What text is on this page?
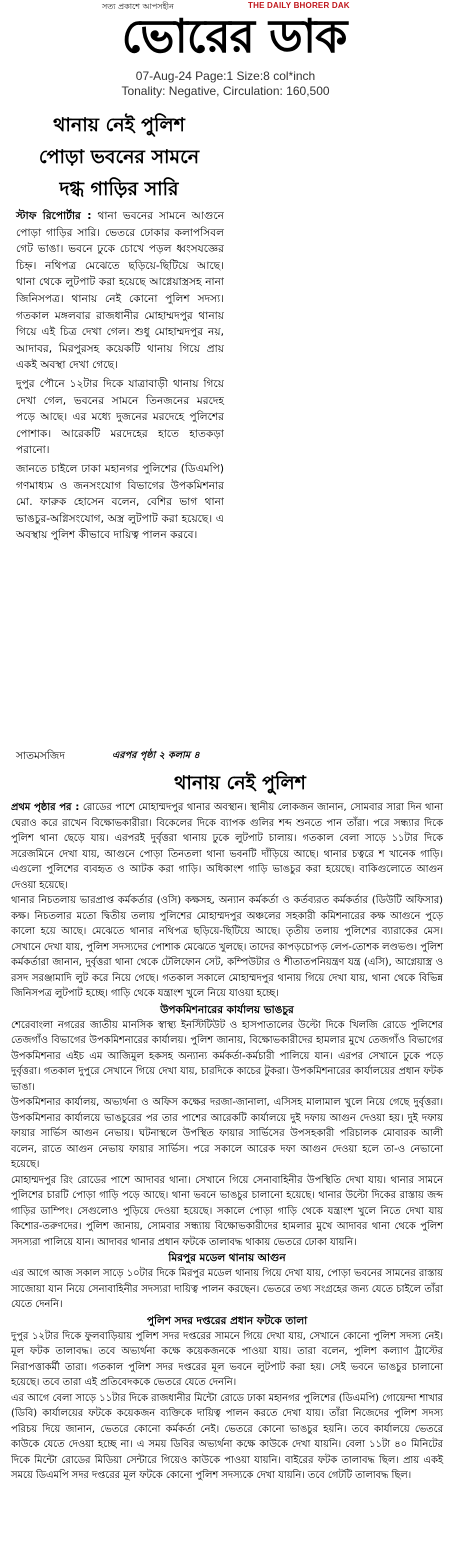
সত্য প্রকাশে আপসহীন	THE DAILY BHORER DAK
ভোরের ডাক
07-Aug-24 Page:1 Size:8 col*inch
Tonality: Negative, Circulation: 160,500
থানায় নেই পুলিশ
পোড়া ভবনের সামনে
দগ্ধ গাড়ির সারি

স্টাফ রিপোর্টার : থানা ভবনের সামনে আগুনে পোড়া গাড়ির সারি। ভেতরে ঢোকার কলাপসিবল গেট ভাঙা। ভবনে ঢুকে চোখে পড়ল ধ্বংসযজ্ঞের চিহ্ন। নথিপত্র মেঝেতে ছড়িয়ে-ছিটিয়ে আছে। থানা থেকে লুটপাট করা হয়েছে আগ্নেয়াস্ত্রসহ নানা জিনিসপত্র। থানায় নেই কোনো পুলিশ সদস্য। গতকাল মঙ্গলবার রাজধানীর মোহাম্মদপুর থানায় গিয়ে এই চিত্র দেখা গেল। শুধু মোহাম্মদপুর নয়, আদাবর, মিরপুরসহ কয়েকটি থানায় গিয়ে প্রায় একই অবস্থা দেখা গেছে।

দুপুর পৌনে ১২টার দিকে যাত্রাবাড়ী থানায় গিয়ে দেখা গেল, ভবনের সামনে তিনজনের মরদেহ পড়ে আছে। এর মধ্যে দুজনের মরদেহে পুলিশের পোশাক। আরেকটি মরদেহের হাতে হাতকড়া পরানো।

জানতে চাইলে ঢাকা মহানগর পুলিশের (ডিএমপি) গণমাধ্যম ও জনসংযোগ বিভাগের উপকমিশনার মো. ফারুক হোসেন বলেন, বেশির ভাগ থানা ভাঙচুর-অগ্নিসংযোগ, অস্ত্র লুটপাট করা হয়েছে। এ অবস্থায় পুলিশ কীভাবে দায়িত্ব পালন করবে।

সাতমসজিদ	এরপর পৃষ্ঠা ২ কলাম ৪
থানায় নেই পুলিশ

প্রথম পৃষ্ঠার পর : রোডের পাশে মোহাম্মদপুর থানার অবস্থান। স্থানীয় লোকজন জানান, সোমবার সারা দিন থানা ঘেরাও করে রাখেন বিক্ষোভকারীরা। বিকেলের দিকে ব্যাপক গুলির শব্দ শুনতে পান তাঁরা। পরে সন্ধ্যার দিকে পুলিশ থানা ছেড়ে যায়। এরপরই দুর্বৃত্তরা থানায় ঢুকে লুটপাট চালায়। গতকাল বেলা সাড়ে ১১টার দিকে সরেজমিনে দেখা যায়, আগুনে পোড়া তিনতলা থানা ভবনটি দাঁড়িয়ে আছে। থানার চত্বরে শ খানেক গাড়ি। এগুলো পুলিশের ব্যবহৃত ও আটক করা গাড়ি। অধিকাংশ গাড়ি ভাঙচুর করা হয়েছে। বাকিগুলোতে আগুন দেওয়া হয়েছে।

থানার নিচতলায় ভারপ্রাপ্ত কর্মকর্তার (ওসি) কক্ষসহ, অন্যান কর্মকর্তা ও কর্তব্যরত কর্মকর্তার (ডিউটি অফিসার) কক্ষ। নিচতলার মতো দ্বিতীয় তলায় পুলিশের মোহাম্মদপুর অঞ্চলের সহকারী কমিশনারের কক্ষ আগুনে পুড়ে কালো হয়ে আছে। মেঝেতে থানার নথিপত্র ছড়িয়ে-ছিটিয়ে আছে। তৃতীয় তলায় পুলিশের ব্যারাকের মেস। সেখানে দেখা যায়, পুলিশ সদস্যদের পোশাক মেঝেতে খুলছে। তাদের কাপড়চোপড় লেপ-তোশক লণ্ডভণ্ড। পুলিশ কর্মকর্তারা জানান, দুর্বৃত্তরা থানা থেকে টেলিফোন সেট, কম্পিউটার ও শীতাতপনিয়ন্ত্রণ যন্ত্র (এসি), আগ্নেয়াস্ত্র ও রসদ সরঞ্জামাদি লুট করে নিয়ে গেছে। গতকাল সকালে মোহাম্মদপুর থানায় গিয়ে দেখা যায়, থানা থেকে বিভিন্ন জিনিসপত্র লুটপাট হচ্ছে। গাড়ি থেকে যন্ত্রাংশ খুলে নিয়ে যাওয়া হচ্ছে।

উপকমিশনারের কার্যালয় ভাঙচুর

শেরেবাংলা নগরের জাতীয় মানসিক স্বাস্থ্য ইনস্টিটিউট ও হাসপাতালের উল্টো দিকে খিলজি রোডে পুলিশের তেজগাঁও বিভাগের উপকমিশনারের কার্যালয়। পুলিশ জানায়, বিক্ষোভকারীদের হামলার মুখে তেজগাঁও বিভাগের উপকমিশনার এইচ এম আজিমুল হকসহ অন্যান্য কর্মকর্তা-কর্মচারী পালিয়ে যান। এরপর সেখানে ঢুকে পড়ে দুর্বৃত্তরা। গতকাল দুপুরে সেখানে গিয়ে দেখা যায়, চারদিকে কাচের টুকরা। উপকমিশনারের কার্যালয়ের প্রধান ফটক ভাঙা।

উপকমিশনার কার্যালয়, অভ্যর্থনা ও অফিস কক্ষের দরজা-জানালা, এসিসহ মালামাল খুলে নিয়ে গেছে দুর্বৃত্তরা। উপকমিশনার কার্যালয়ে ভাঙচুরের পর তার পাশের আরেকটি কার্যালয়ে দুই দফায় আগুন দেওয়া হয়। দুই দফায় ফায়ার সার্ভিস আগুন নেভায়। ঘটনাস্থলে উপস্থিত ফায়ার সার্ভিসের উপসহকারী পরিচালক মোবারক আলী বলেন, রাতে আগুন নেভায় ফায়ার সার্ভিস। পরে সকালে আরেক দফা আগুন দেওয়া হলে তা-ও নেভানো হয়েছে।

মোহাম্মদপুর রিং রোডের পাশে আদাবর থানা। সেখানে গিয়ে সেনাবাহিনীর উপস্থিতি দেখা যায়। থানার সামনে পুলিশের চারটি পোড়া গাড়ি পড়ে আছে। থানা ভবনে ভাঙচুর চালানো হয়েছে। থানার উল্টো দিকের রাস্তায় জব্দ গাড়ির ডাম্পিং। সেগুলোও পুড়িয়ে দেওয়া হয়েছে। সকালে পোড়া গাড়ি থেকে যন্ত্রাংশ খুলে নিতে দেখা যায় কিশোর-তরুণদের। পুলিশ জানায়, সোমবার সন্ধ্যায় বিক্ষোভকারীদের হামলার মুখে আদাবর থানা থেকে পুলিশ সদস্যরা পালিয়ে যান। আদাবর থানার প্রধান ফটকে তালাবদ্ধ থাকায় ভেতরে ঢোকা যায়নি।

মিরপুর মডেল থানায় আগুন

এর আগে আজ সকাল সাড়ে ১০টার দিকে মিরপুর মডেল থানায় গিয়ে দেখা যায়, পোড়া ভবনের সামনের রাস্তায় সাজোয়া যান নিয়ে সেনাবাহিনীর সদস্যরা দায়িত্ব পালন করছেন। ভেতরে তথ্য সংগ্রহের জন্য যেতে চাইলে তাঁরা যেতে দেননি।

পুলিশ সদর দপ্তরের প্রধান ফটকে তালা

দুপুর ১২টার দিকে ফুলবাড়িয়ায় পুলিশ সদর দপ্তরের সামনে গিয়ে দেখা যায়, সেখানে কোনো পুলিশ সদস্য নেই। মূল ফটক তালাবদ্ধ। তবে অভ্যর্থনা কক্ষে কয়েকজনকে পাওয়া যায়। তারা বলেন, পুলিশ কল্যাণ ট্রাস্টের নিরাপত্তাকর্মী তারা। গতকাল পুলিশ সদর দপ্তরের মূল ভবনে লুটপাট করা হয়। সেই ভবনে ভাঙচুর চালানো হয়েছে। তবে তারা এই প্রতিবেদককে ভেতরে যেতে দেননি।

এর আগে বেলা সাড়ে ১১টার দিকে রাজধানীর মিন্টো রোডে ঢাকা মহানগর পুলিশের (ডিএমপি) গোয়েন্দা শাখার (ডিবি) কার্যালয়ের ফটকে কয়েকজন ব্যক্তিকে দায়িত্ব পালন করতে দেখা যায়। তাঁরা নিজেদের পুলিশ সদস্য পরিচয় দিয়ে জানান, ভেতরে কোনো কর্মকর্তা নেই। ভেতরে কোনো ভাঙচুর হয়নি। তবে কার্যালয়ে ভেতরে কাউকে যেতে দেওয়া হচ্ছে না। এ সময় ডিবির অভ্যর্থনা কক্ষে কাউকে দেখা যায়নি। বেলা ১১টা ৪০ মিনিটের দিকে মিন্টো রোডের মিডিয়া সেন্টারে গিয়েও কাউকে পাওয়া যায়নি। বাইরের ফটক তালাবদ্ধ ছিল। প্রায় একই সময়ে ডিএমপি সদর দপ্তরের মূল ফটকে কোনো পুলিশ সদস্যকে দেখা যায়নি। তবে গেটটি তালাবদ্ধ ছিল।
